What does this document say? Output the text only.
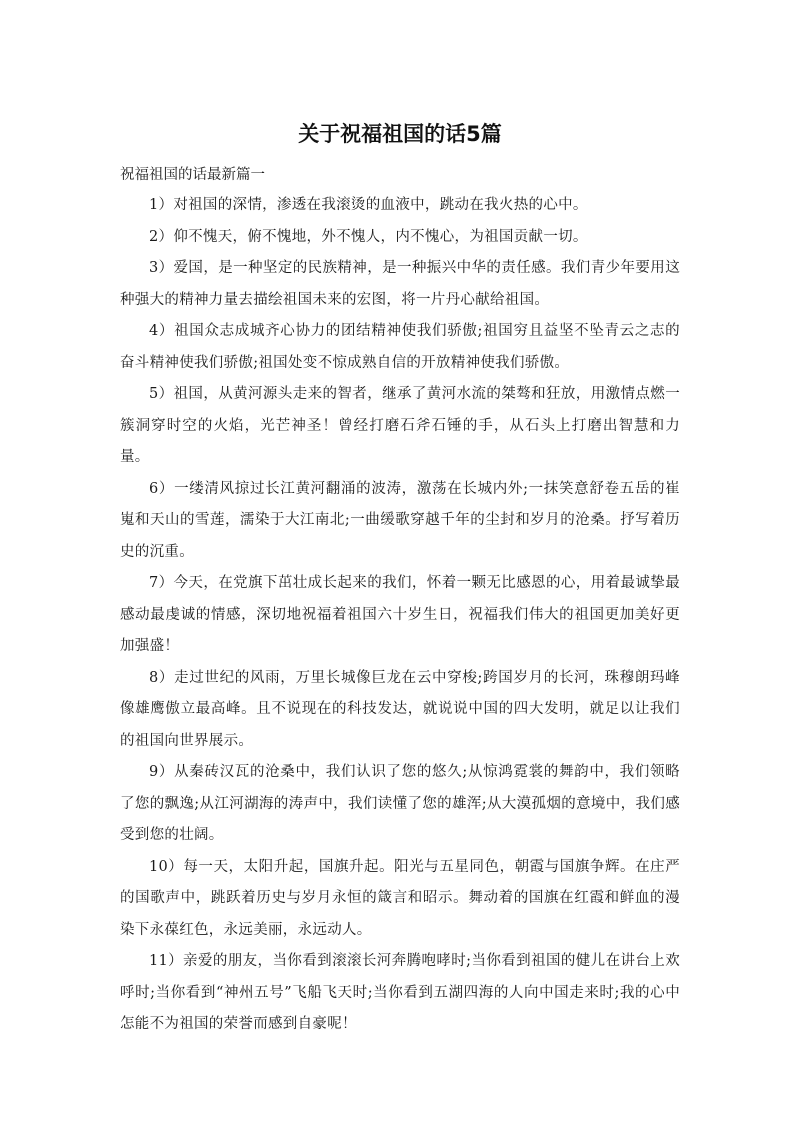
关于祝福祖国的话5篇

祝福祖国的话最新篇一

1）对祖国的深情，渗透在我滚烫的血液中，跳动在我火热的心中。

2）仰不愧天，俯不愧地，外不愧人，内不愧心，为祖国贡献一切。

3）爱国，是一种坚定的民族精神，是一种振兴中华的责任感。我们青少年要用这种强大的精神力量去描绘祖国未来的宏图，将一片丹心献给祖国。

4）祖国众志成城齐心协力的团结精神使我们骄傲;祖国穷且益坚不坠青云之志的奋斗精神使我们骄傲;祖国处变不惊成熟自信的开放精神使我们骄傲。

5）祖国，从黄河源头走来的智者，继承了黄河水流的桀骜和狂放，用激情点燃一簇洞穿时空的火焰，光芒神圣！曾经打磨石斧石锤的手，从石头上打磨出智慧和力量。

6）一缕清风掠过长江黄河翻涌的波涛，激荡在长城内外;一抹笑意舒卷五岳的崔嵬和天山的雪莲，濡染于大江南北;一曲缓歌穿越千年的尘封和岁月的沧桑。抒写着历史的沉重。

7）今天，在党旗下茁壮成长起来的我们，怀着一颗无比感恩的心，用着最诚挚最感动最虔诚的情感，深切地祝福着祖国六十岁生日，祝福我们伟大的祖国更加美好更加强盛！

8）走过世纪的风雨，万里长城像巨龙在云中穿梭;跨国岁月的长河，珠穆朗玛峰像雄鹰傲立最高峰。且不说现在的科技发达，就说说中国的四大发明，就足以让我们的祖国向世界展示。

9）从秦砖汉瓦的沧桑中，我们认识了您的悠久;从惊鸿霓裳的舞韵中，我们领略了您的飘逸;从江河湖海的涛声中，我们读懂了您的雄浑;从大漠孤烟的意境中，我们感受到您的壮阔。

10）每一天，太阳升起，国旗升起。阳光与五星同色，朝霞与国旗争辉。在庄严的国歌声中，跳跃着历史与岁月永恒的箴言和昭示。舞动着的国旗在红霞和鲜血的漫染下永葆红色，永远美丽，永远动人。

11）亲爱的朋友，当你看到滚滚长河奔腾咆哮时;当你看到祖国的健儿在讲台上欢呼时;当你看到“神州五号”飞船飞天时;当你看到五湖四海的人向中国走来时;我的心中怎能不为祖国的荣誉而感到自豪呢！
